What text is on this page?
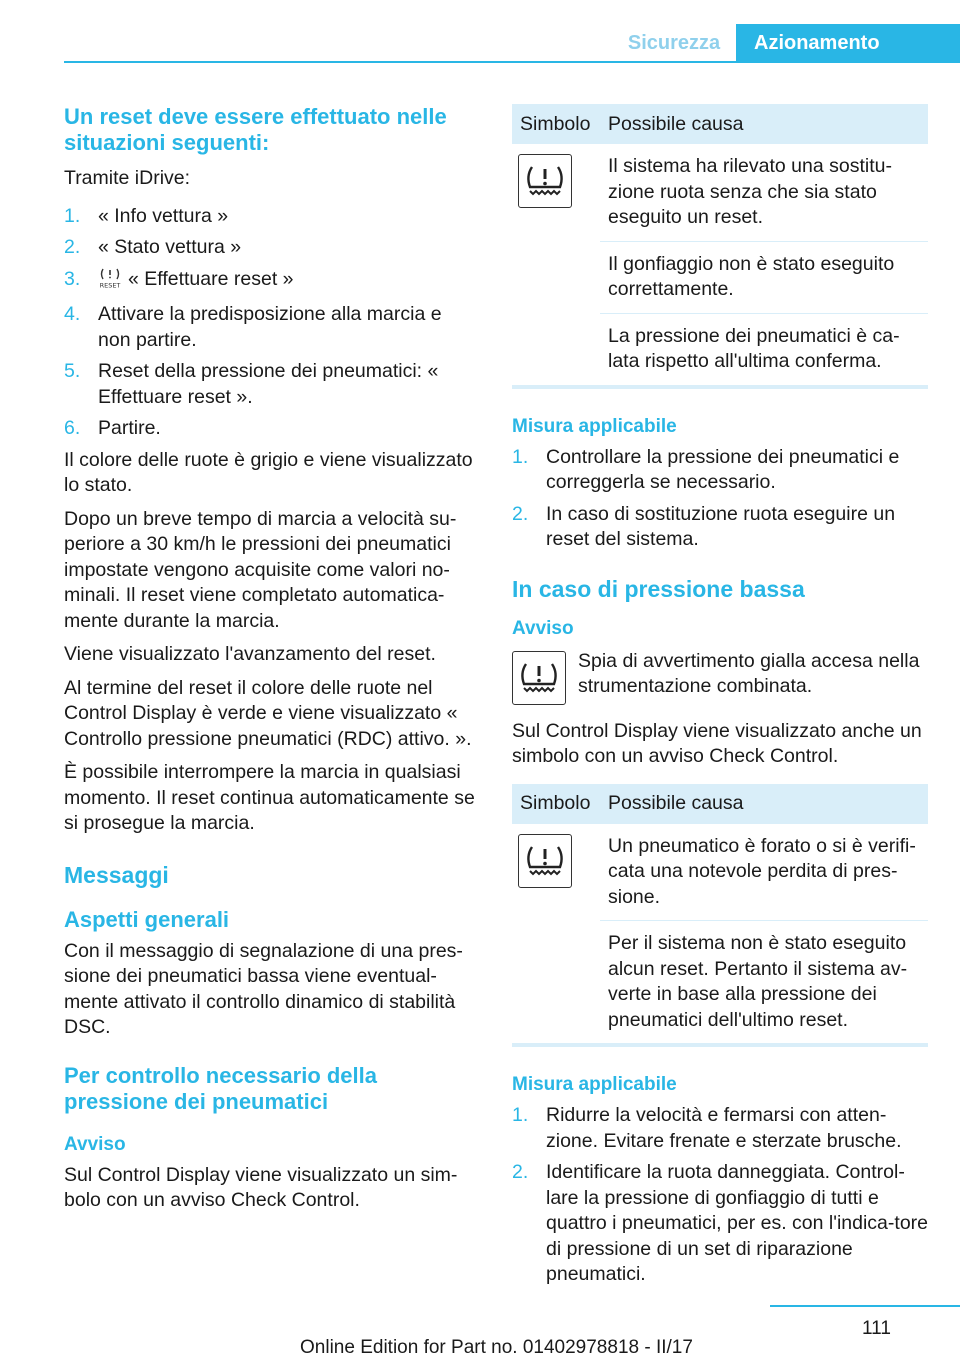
Sicurezza	Azionamento
Un reset deve essere effettuato nelle situazioni seguenti:

Tramite iDrive:

1. « Info vettura »
2. « Stato vettura »
3.	RESET « Effettuare reset »
4. Attivare la predisposizione alla marcia e non partire.
5. Reset della pressione dei pneumatici: « Effettuare reset ».
6. Partire.

Il colore delle ruote è grigio e viene visualizzato lo stato.

Dopo un breve tempo di marcia a velocità su-periore a 30 km/h le pressioni dei pneumatici impostate vengono acquisite come valori no-minali. Il reset viene completato automatica-mente durante la marcia.

Viene visualizzato l'avanzamento del reset.

Al termine del reset il colore delle ruote nel Control Display è verde e viene visualizzato « Controllo pressione pneumatici (RDC) attivo. ».

È possibile interrompere la marcia in qualsiasi momento. Il reset continua automaticamente se si prosegue la marcia.

Messaggi
Aspetti generali

Con il messaggio di segnalazione di una pres-sione dei pneumatici bassa viene eventual-mente attivato il controllo dinamico di stabilità DSC.

Per controllo necessario della pressione dei pneumatici
Avviso

Sul Control Display viene visualizzato un sim-bolo con un avviso Check Control.

Simbolo	Possibile causa

	Il sistema ha rilevato una sostitu-zione ruota senza che sia stato eseguito un reset.
	Il gonfiaggio non è stato eseguito correttamente.
	La pressione dei pneumatici è ca-lata rispetto all'ultima conferma.
Misura applicabile
1. Controllare la pressione dei pneumatici e correggerla se necessario.
2. In caso di sostituzione ruota eseguire un reset del sistema.
In caso di pressione bassa
Avviso

Spia di avvertimento gialla accesa nella strumentazione combinata.

Sul Control Display viene visualizzato anche un simbolo con un avviso Check Control.

Simbolo	Possibile causa

	Un pneumatico è forato o si è verifi-cata una notevole perdita di pres-sione.
	Per il sistema non è stato eseguito alcun reset. Pertanto il sistema av-verte in base alla pressione dei pneumatici dell'ultimo reset.
Misura applicabile
1. Ridurre la velocità e fermarsi con atten-zione. Evitare frenate e sterzate brusche.
2. Identificare la ruota danneggiata. Control-lare la pressione di gonfiaggio di tutti e quattro i pneumatici, per es. con l'indica-tore di pressione di un set di riparazione pneumatici.
111
Online Edition for Part no. 01402978818 - II/17
